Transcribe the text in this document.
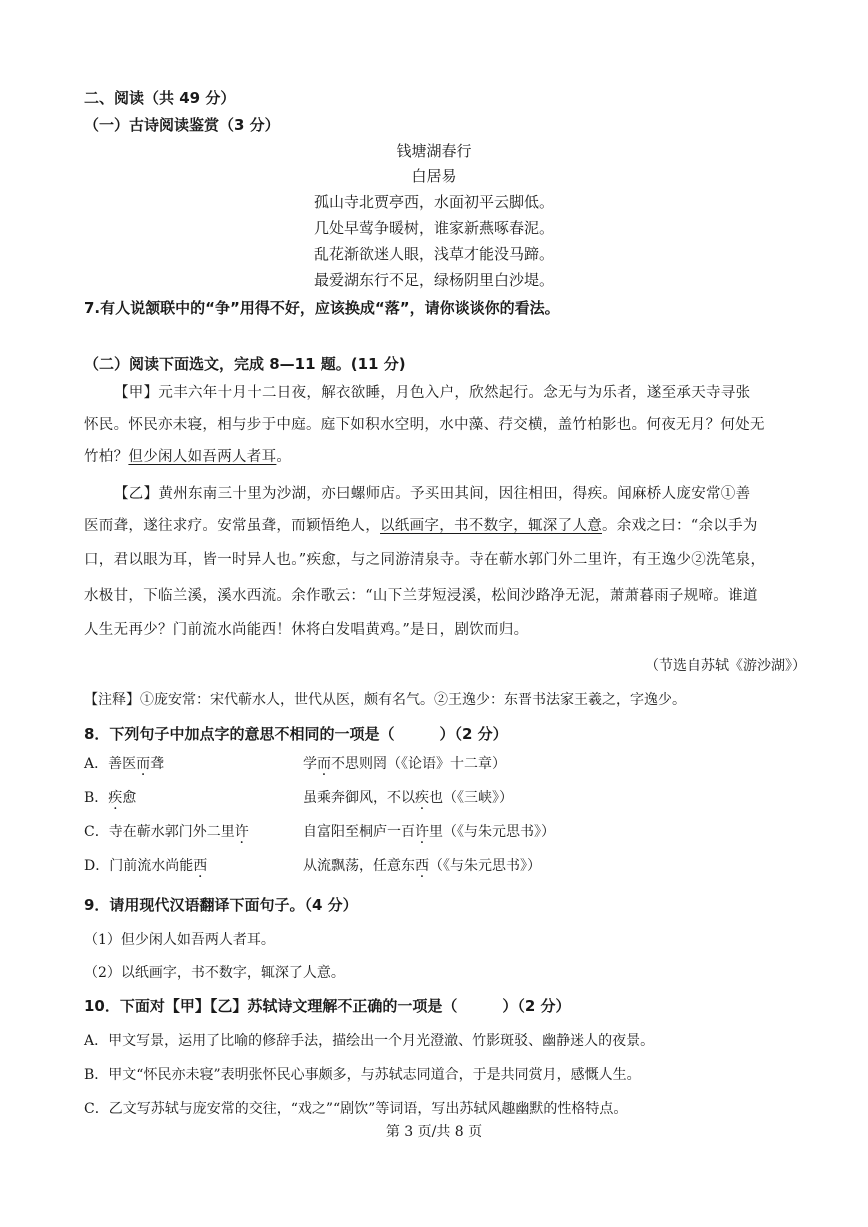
二、阅读（共 49 分）
（一）古诗阅读鉴赏（3 分）
钱塘湖春行
白居易
孤山寺北贾亭西，水面初平云脚低。
几处早莺争暖树，谁家新燕啄春泥。
乱花渐欲迷人眼，浅草才能没马蹄。
最爱湖东行不足，绿杨阴里白沙堤。
7.有人说颔联中的“争”用得不好，应该换成“落”，请你谈谈你的看法。
（二）阅读下面选文，完成 8—11 题。(11 分)
【甲】元丰六年十月十二日夜，解衣欲睡，月色入户，欣然起行。念无与为乐者，遂至承天寺寻张
怀民。怀民亦未寝，相与步于中庭。庭下如积水空明，水中藻、荇交横，盖竹柏影也。何夜无月？何处无
竹柏？但少闲人如吾两人者耳。
【乙】黄州东南三十里为沙湖，亦曰螺师店。予买田其间，因往相田，得疾。闻麻桥人庞安常①善
医而聋，遂往求疗。安常虽聋，而颖悟绝人，以纸画字，书不数字，辄深了人意。余戏之曰：“余以手为
口，君以眼为耳，皆一时异人也。”疾愈，与之同游清泉寺。寺在蕲水郭门外二里许，有王逸少②洗笔泉，
水极甘，下临兰溪，溪水西流。余作歌云：“山下兰芽短浸溪，松间沙路净无泥，萧萧暮雨子规啼。谁道
人生无再少？门前流水尚能西！休将白发唱黄鸡。”是日，剧饮而归。
（节选自苏轼《游沙湖》）
【注释】①庞安常：宋代蕲水人，世代从医，颇有名气。②王逸少：东晋书法家王羲之，字逸少。
8．下列句子中加点字的意思不相同的一项是（　　　）（2 分）
A．善医而聋	学而不思则罔（《论语》十二章）
B．疾愈	虽乘奔御风，不以疾也（《三峡》）
C．寺在蕲水郭门外二里许	自富阳至桐庐一百许里（《与朱元思书》）
D．门前流水尚能西	从流飘荡，任意东西（《与朱元思书》）
9．请用现代汉语翻译下面句子。（4 分）
（1）但少闲人如吾两人者耳。
（2）以纸画字，书不数字，辄深了人意。
10．下面对【甲】【乙】苏轼诗文理解不正确的一项是（　　　）（2 分）
A．甲文写景，运用了比喻的修辞手法，描绘出一个月光澄澈、竹影斑驳、幽静迷人的夜景。
B．甲文“怀民亦未寝”表明张怀民心事颇多，与苏轼志同道合，于是共同赏月，感慨人生。
C．乙文写苏轼与庞安常的交往，“戏之”“剧饮”等词语，写出苏轼风趣幽默的性格特点。
第 3 页/共 8 页
